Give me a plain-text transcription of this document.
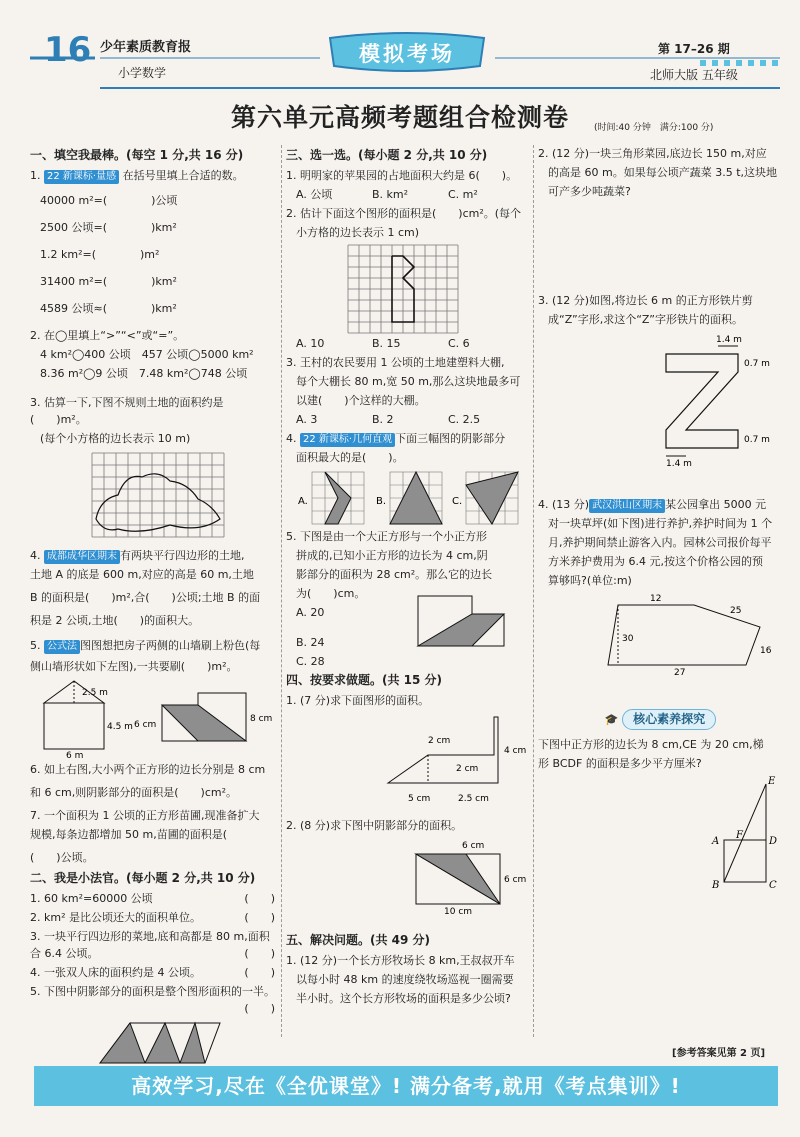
16 少年素质教育报
小学数学
模拟考场	第 17–26 期
北师大版 五年级
第六单元高频考题组合检测卷	(时间:40 分钟　满分:100 分)
一、填空我最棒。(每空 1 分,共 16 分)
1. 22 新课标·量感 在括号里填上合适的数。
40000 m²=(　　　　)公顷
2500 公顷=(　　　　)km²
1.2 km²=(　　　　)m²
31400 m²=(　　　　)km²
4589 公顷≈(　　　　)km²
2. 在◯里填上“>”“<”或“=”。
4 km²◯400 公顷　457 公顷◯5000 km²
8.36 m²◯9 公顷　7.48 km²◯748 公顷
3. 估算一下,下图不规则土地的面积约是(　　)m²。
(每个小方格的边长表示 10 m)
4. 成都成华区期末 有两块平行四边形的土地,
土地 A 的底是 600 m,对应的高是 60 m,土地
B 的面积是(　　)m²,合(　　)公顷;土地 B 的面
积是 2 公顷,土地(　　)的面积大。
5. 公式法 图图想把房子两侧的山墙刷上粉色(每
侧山墙形状如下左图),一共要刷(　　)m²。
2.5 m
4.5 m
6 m
6 cm
8 cm
6. 如上右图,大小两个正方形的边长分别是 8 cm
和 6 cm,则阴影部分的面积是(　　)cm²。
7. 一个面积为 1 公顷的正方形苗圃,现准备扩大
规模,每条边都增加 50 m,苗圃的面积是(
(　　)公顷。
二、我是小法官。(每小题 2 分,共 10 分)
1. 60 km²=60000 公顷	(　　)
2. km² 是比公顷还大的面积单位。	(　　)
3. 一块平行四边形的菜地,底和高都是 80 m,面积合 6.4 公顷。	(　　)
4. 一张双人床的面积约是 4 公顷。	(　　)
5. 下图中阴影部分的面积是整个图形面积的一半。
(　　)
三、选一选。(每小题 2 分,共 10 分)
1. 明明家的苹果园的占地面积大约是 6(　　)。
A. 公顷	B. km²	C. m²
2. 估计下面这个图形的面积是(　　)cm²。(每个
小方格的边长表示 1 cm)
A. 10	B. 15	C. 6
3. 王村的农民要用 1 公顷的土地建塑料大棚,
每个大棚长 80 m,宽 50 m,那么这块地最多可
以建(　　)个这样的大棚。
A. 3	B. 2	C. 2.5
4. 22 新课标·几何直观 下面三幅图的阴影部分
面积最大的是(　　)。
A.	B.	C.
5. 下图是由一个大正方形与一个小正方形
拼成的,已知小正方形的边长为 4 cm,阴
影部分的面积为 28 cm²。那么它的边长
为(　　)cm。
A. 20
B. 24
C. 28
四、按要求做题。(共 15 分)
1. (7 分)求下面图形的面积。
2 cm
4 cm
2 cm
5 cm	2.5 cm
2. (8 分)求下图中阴影部分的面积。
6 cm
6 cm
10 cm
五、解决问题。(共 49 分)
1. (12 分)一个长方形牧场长 8 km,王叔叔开车
以每小时 48 km 的速度绕牧场巡视一圈需要
半小时。这个长方形牧场的面积是多少公顷?
2. (12 分)一块三角形菜园,底边长 150 m,对应
的高是 60 m。如果每公顷产蔬菜 3.5 t,这块地
可产多少吨蔬菜?
3. (12 分)如图,将边长 6 m 的正方形铁片剪
成“Z”字形,求这个“Z”字形铁片的面积。
1.4 m
0.7 m
0.7 m
1.4 m
4. (13 分) 武汉洪山区期末 某公园拿出 5000 元
对一块草坪(如下图)进行养护,养护时间为 1 个
月,养护期间禁止游客入内。园林公司报价每平
方米养护费用为 6.4 元,按这个价格公园的预
算够吗?(单位:m)
12
25
30
16
27
🎓 核心素养探究
下图中正方形的边长为 8 cm,CE 为 20 cm,梯
形 BCDF 的面积是多少平方厘米?
E
A
F
D
B	C
[参考答案见第 2 页]
高效学习,尽在《全优课堂》! 满分备考,就用《考点集训》!
